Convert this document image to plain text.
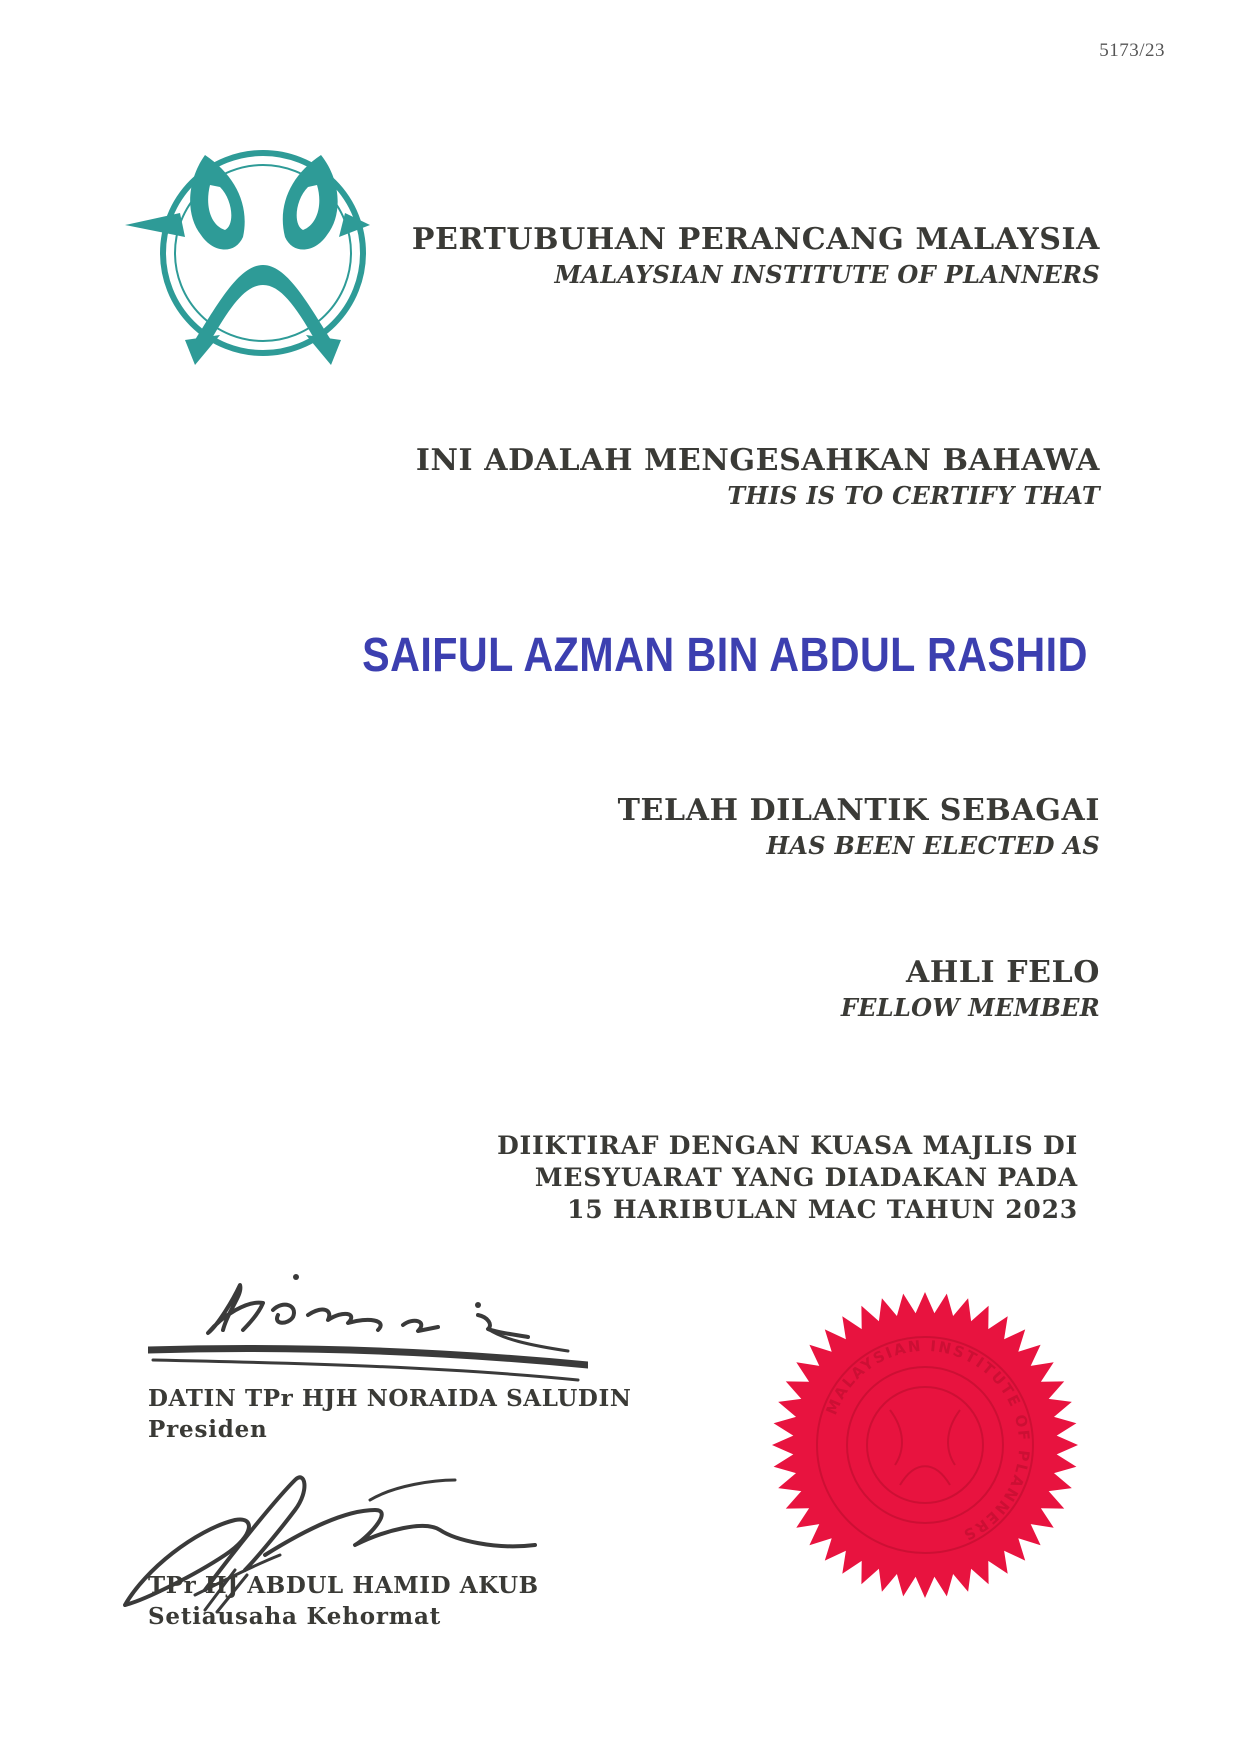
5173/23
PERTUBUHAN PERANCANG MALAYSIA
MALAYSIAN INSTITUTE OF PLANNERS
INI ADALAH MENGESAHKAN BAHAWA
THIS IS TO CERTIFY THAT
SAIFUL AZMAN BIN ABDUL RASHID
TELAH DILANTIK SEBAGAI
HAS BEEN ELECTED AS
AHLI FELO
FELLOW MEMBER
DIIKTIRAF DENGAN KUASA MAJLIS DI
MESYUARAT YANG DIADAKAN PADA
15 HARIBULAN MAC TAHUN 2023
DATIN TPr HJH NORAIDA SALUDIN
Presiden
TPr HJ ABDUL HAMID AKUB
Setiausaha Kehormat
MALAYSIAN INSTITUTE OF PLANNERS
